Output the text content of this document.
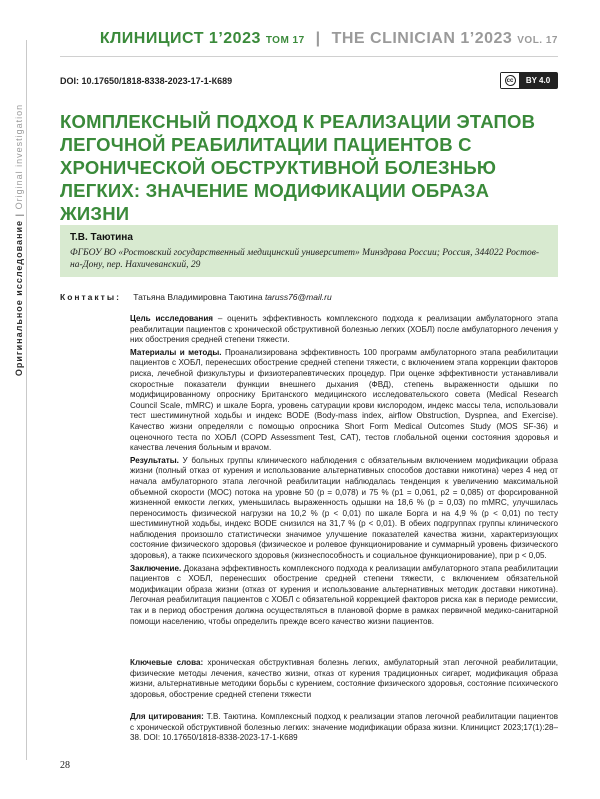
Оригинальное исследование | Original investigation
КЛИНИЦИСТ 1’2023 ТОМ 17 | THE CLINICIAN 1’2023 VOL. 17
DOI: 10.17650/1818-8338-2023-17-1-К689	cc	BY 4.0
КОМПЛЕКСНЫЙ ПОДХОД К РЕАЛИЗАЦИИ ЭТАПОВ ЛЕГОЧНОЙ РЕАБИЛИТАЦИИ ПАЦИЕНТОВ С ХРОНИЧЕСКОЙ ОБСТРУКТИВНОЙ БОЛЕЗНЬЮ ЛЕГКИХ: ЗНАЧЕНИЕ МОДИФИКАЦИИ ОБРАЗА ЖИЗНИ
Т.В. Таютина
ФГБОУ ВО «Ростовский государственный медицинский университет» Минздрава России; Россия, 344022 Ростов-на-Дону, пер. Нахичеванский, 29
Контакты: Татьяна Владимировна Таютина taruss76@mail.ru

Цель исследования – оценить эффективность комплексного подхода к реализации амбулаторного этапа реабилитации пациентов с хронической обструктивной болезнью легких (ХОБЛ) после амбулаторного лечения у них обострения средней степени тяжести.

Материалы и методы. Проанализирована эффективность 100 программ амбулаторного этапа реабилитации пациентов с ХОБЛ, перенесших обострение средней степени тяжести, с включением этапа коррекции факторов риска, лечебной физкультуры и физиотерапевтических процедур. При оценке эффективности устанавливали скоростные показатели функции внешнего дыхания (ФВД), степень выраженности одышки по модифицированному опроснику Британского медицинского исследовательского совета (Medical Research Council Scale, mMRC) и шкале Борга, уровень сатурации крови кислородом, индекс массы тела, использовали тест шестиминутной ходьбы и индекс BODE (Body-mass index, airflow Obstruction, Dyspnea, and Exercise). Качество жизни определяли с помощью опросника Short Form Medical Outcomes Study (MOS SF-36) и оценочного теста по ХОБЛ (COPD Assessment Test, CAT), тестов глобальной оценки состояния здоровья и качества лечения больным и врачом.

Результаты. У больных группы клинического наблюдения с обязательным включением модификации образа жизни (полный отказ от курения и использование альтернативных способов доставки никотина) через 4 нед от начала амбулаторного этапа легочной реабилитации наблюдалась тенденция к увеличению максимальной объемной скорости (МОС) потока на уровне 50 (p = 0,078) и 75 % (p1 = 0,061, p2 = 0,085) от форсированной жизненной емкости легких, уменьшилась выраженность одышки на 18,6 % (p = 0,03) по mMRC, улучшилась переносимость физической нагрузки на 10,2 % (p < 0,01) по шкале Борга и на 4,9 % (p < 0,01) по тесту шестиминутной ходьбы, индекс BODE снизился на 31,7 % (p < 0,01). В обеих подгруппах группы клинического наблюдения произошло статистически значимое улучшение показателей качества жизни, характеризующих состояние физического здоровья (физическое и ролевое функционирование и суммарный уровень физического здоровья), а также психического здоровья (жизнеспособность и социальное функционирование), при p < 0,05.

Заключение. Доказана эффективность комплексного подхода к реализации амбулаторного этапа реабилитации пациентов с ХОБЛ, перенесших обострение средней степени тяжести, с включением обязательной модификации образа жизни (отказ от курения и использование альтернативных методик доставки никотина). Легочная реабилитация пациентов с ХОБЛ с обязательной коррекцией факторов риска как в периоде ремиссии, так и в период обострения должна осуществляться в плановой форме в рамках первичной медико-санитарной помощи населению, чтобы определить прежде всего качество жизни пациентов.

Ключевые слова: хроническая обструктивная болезнь легких, амбулаторный этап легочной реабилитации, физические методы лечения, качество жизни, отказ от курения традиционных сигарет, модификация образа жизни, альтернативные методики борьбы с курением, состояние физического здоровья, состояние психического здоровья, обострение средней степени тяжести
Для цитирования: Т.В. Таютина. Комплексный подход к реализации этапов легочной реабилитации пациентов с хронической обструктивной болезнью легких: значение модификации образа жизни. Клиницист 2023;17(1):28–38. DOI: 10.17650/1818-8338-2023-17-1-К689
28
